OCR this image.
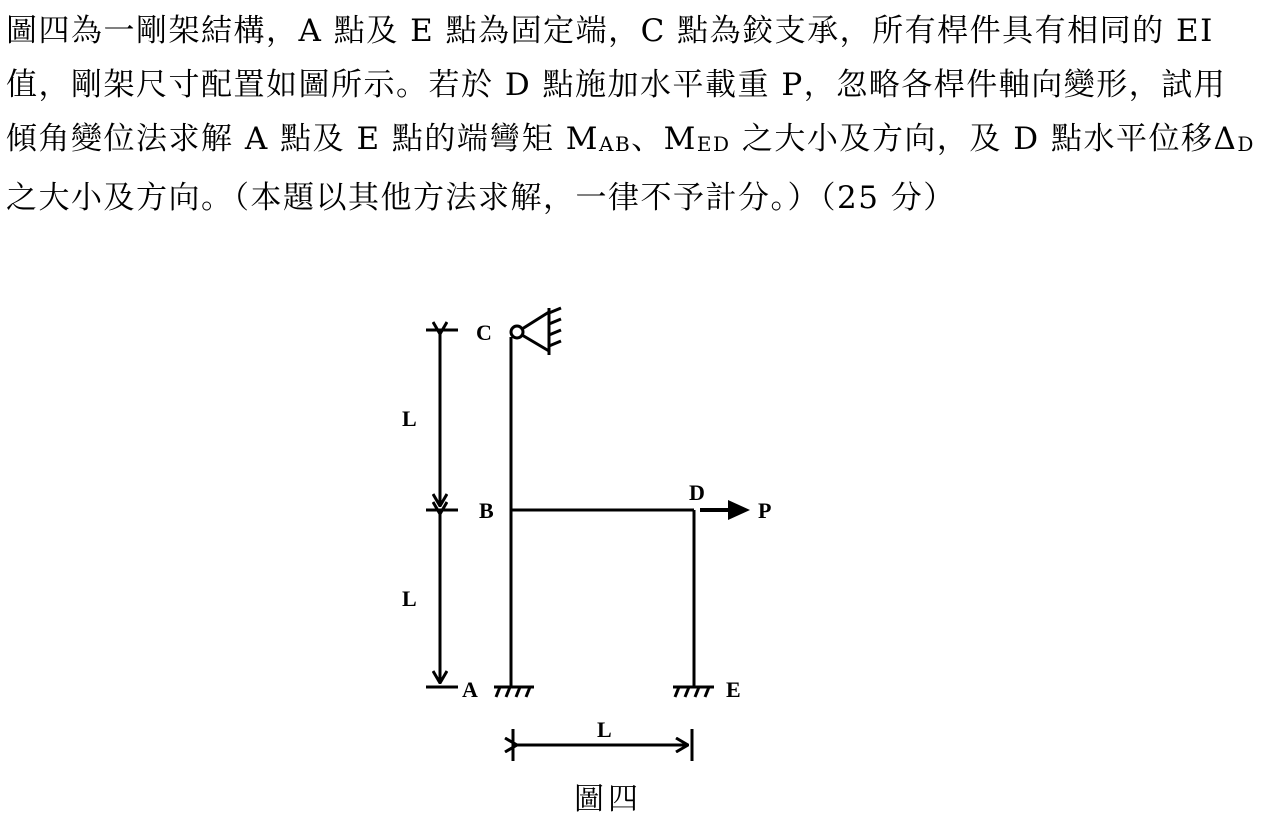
圖四為一剛架結構，A 點及 E 點為固定端，C 點為鉸支承，所有桿件具有相同的 EI 值，剛架尺寸配置如圖所示。若於 D 點施加水平載重 P，忽略各桿件軸向變形，試用傾角變位法求解 A 點及 E 點的端彎矩 $M_{AB}$、$M_{ED}$ 之大小及方向，及 D 點水平位移$\Delta_D$ 之大小及方向。（本題以其他方法求解，一律不予計分。）（25 分）

C
B
D
P
A	E
L
L
L
圖四
